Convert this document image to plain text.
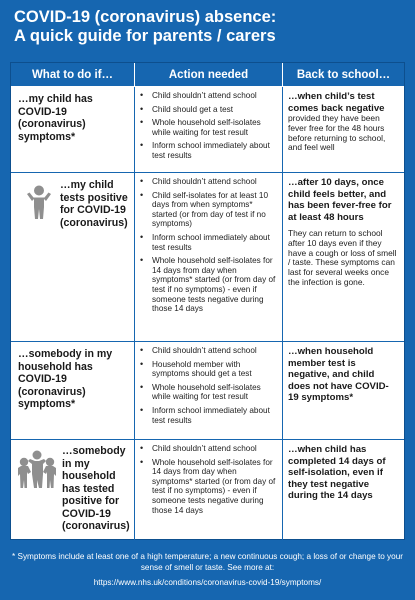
COVID-19 (coronavirus) absence:
A quick guide for parents / carers
What to do if…	Action needed	Back to school…
…my child has COVID-19 (coronavirus) symptoms*
• Child shouldn’t attend school
• Child should get a test
• Whole household self-isolates while waiting for test result
• Inform school immediately about test results
…when child’s test comes back negative
provided they have been fever free for the 48 hours before returning to school, and feel well
…my child tests positive for COVID-19 (coronavirus)
• Child shouldn’t attend school
• Child self-isolates for at least 10 days from when symptoms* started (or from day of test if no symptoms)
• Inform school immediately about test results
• Whole household self-isolates for 14 days from day when symptoms* started (or from day of test if no symptoms) - even if someone tests negative during those 14 days
…after 10 days, once child feels better, and has been fever-free for at least 48 hours
They can return to school after 10 days even if they have a cough or loss of smell / taste. These symptoms can last for several weeks once the infection is gone.
…somebody in my household has COVID-19 (coronavirus) symptoms*
• Child shouldn’t attend school
• Household member with symptoms should get a test
• Whole household self-isolates while waiting for test result
• Inform school immediately about test results
…when household member test is negative, and child does not have COVID-19 symptoms*
…somebody in my household has tested positive for COVID-19 (coronavirus)
• Child shouldn’t attend school
• Whole household self-isolates for 14 days from day when symptoms* started (or from day of test if no symptoms) - even if someone tests negative during those 14 days
…when child has completed 14 days of self-isolation, even if they test negative during the 14 days
* Symptoms include at least one of a high temperature; a new continuous cough; a loss of or change to your sense of smell or taste. See more at:
https://www.nhs.uk/conditions/coronavirus-covid-19/symptoms/
